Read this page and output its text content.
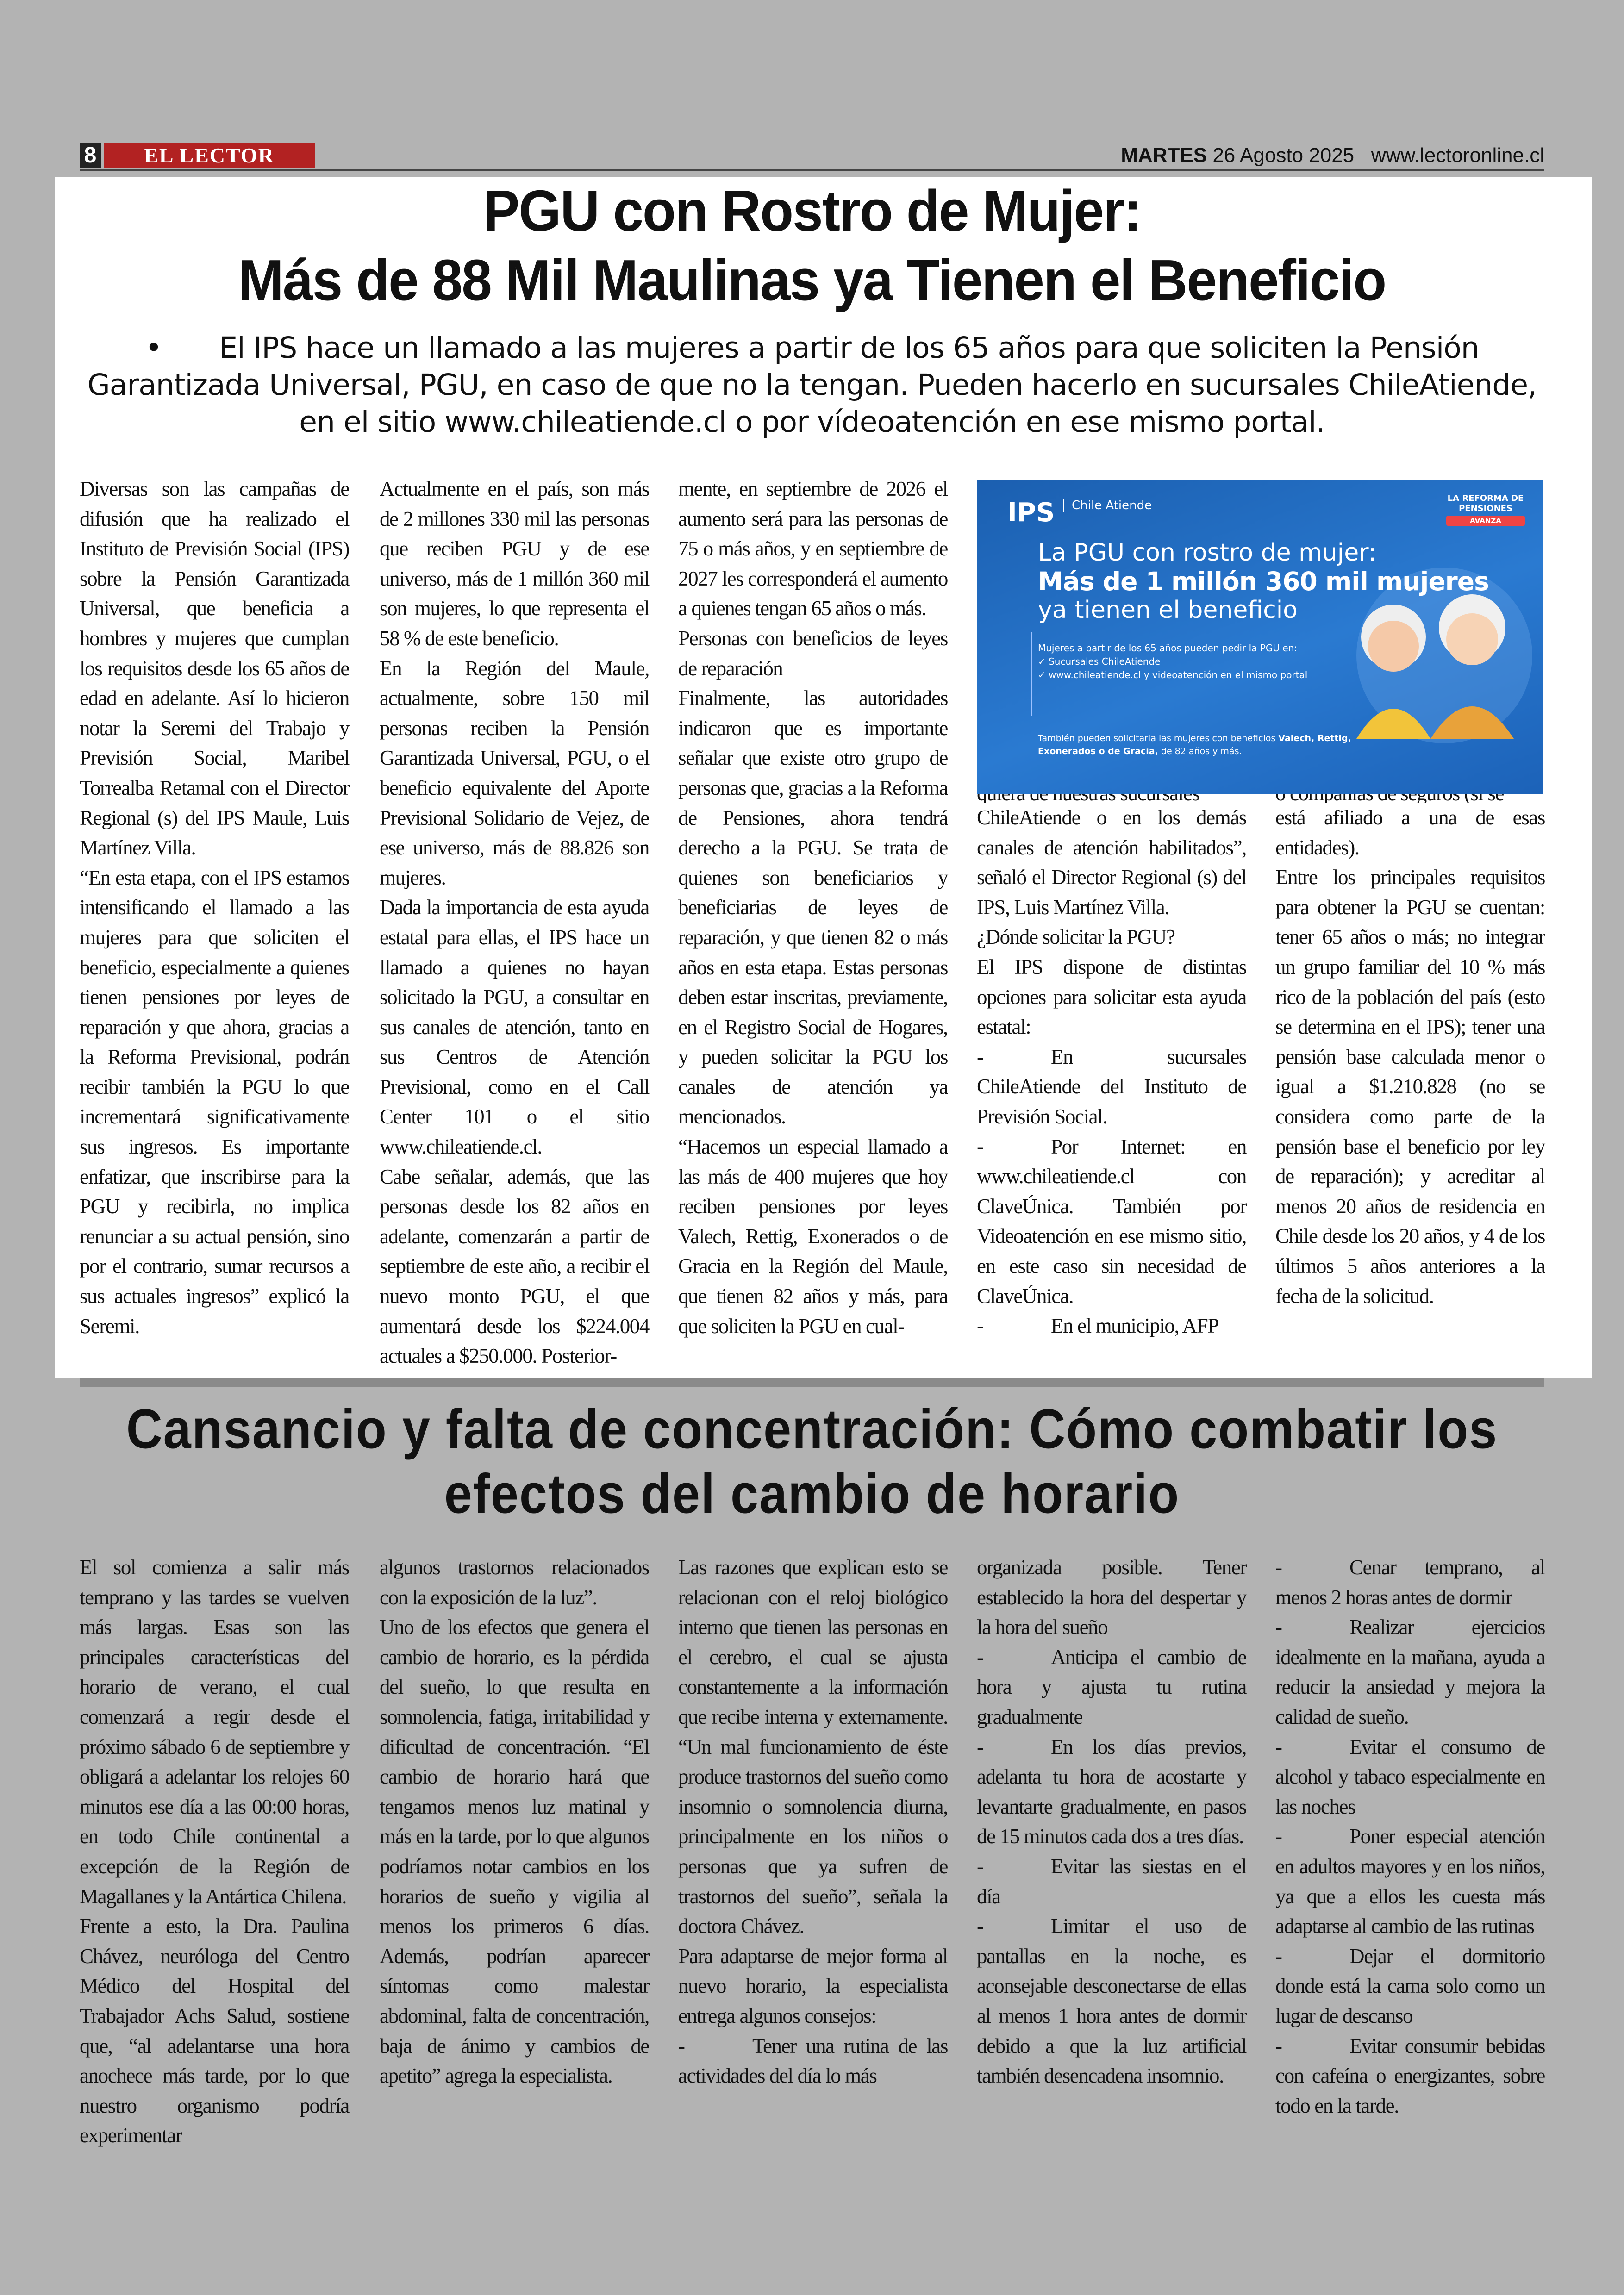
8	EL LECTOR	MARTES 26 Agosto 2025 www.lectoronline.cl
PGU con Rostro de Mujer:
Más de 88 Mil Maulinas ya Tienen el Beneficio
• El IPS hace un llamado a las mujeres a partir de los 65 años para que soliciten la Pensión Garantizada Universal, PGU, en caso de que no la tengan. Pueden hacerlo en sucursales ChileAtiende, en el sitio www.chileatiende.cl o por vídeoatención en ese mismo portal.

Diversas son las campañas de difusión que ha realizado el Instituto de Previsión Social (IPS) sobre la Pensión Garantizada Universal, que beneficia a hombres y mujeres que cumplan los requisitos desde los 65 años de edad en adelante. Así lo hicieron notar la Seremi del Trabajo y Previsión Social, Maribel Torrealba Retamal con el Director Regional (s) del IPS Maule, Luis Martínez Villa.

“En esta etapa, con el IPS estamos intensificando el llamado a las mujeres para que soliciten el beneficio, especialmente a quienes tienen pensiones por leyes de reparación y que ahora, gracias a la Reforma Previsional, podrán recibir también la PGU lo que incrementará significativamente sus ingresos. Es importante enfatizar, que inscribirse para la PGU y recibirla, no implica renunciar a su actual pensión, sino por el contrario, sumar recursos a sus actuales ingresos” explicó la Seremi.

Actualmente en el país, son más de 2 millones 330 mil las personas que reciben PGU y de ese universo, más de 1 millón 360 mil son mujeres, lo que representa el 58 % de este beneficio.

En la Región del Maule, actualmente, sobre 150 mil personas reciben la Pensión Garantizada Universal, PGU, o el beneficio equivalente del Aporte Previsional Solidario de Vejez, de ese universo, más de 88.826 son mujeres.

Dada la importancia de esta ayuda estatal para ellas, el IPS hace un llamado a quienes no hayan solicitado la PGU, a consultar en sus canales de atención, tanto en sus Centros de Atención Previsional, como en el Call Center 101 o el sitio www.chileatiende.cl.

Cabe señalar, además, que las personas desde los 82 años en adelante, comenzarán a partir de septiembre de este año, a recibir el nuevo monto PGU, el que aumentará desde los $224.004 actuales a $250.000. Posterior-

mente, en septiembre de 2026 el aumento será para las personas de 75 o más años, y en septiembre de 2027 les corresponderá el aumento a quienes tengan 65 años o más.

Personas con beneficios de leyes de reparación

Finalmente, las autoridades indicaron que es importante señalar que existe otro grupo de personas que, gracias a la Reforma de Pensiones, ahora tendrá derecho a la PGU. Se trata de quienes son beneficiarios y beneficiarias de leyes de reparación, y que tienen 82 o más años en esta etapa. Estas personas deben estar inscritas, previamente, en el Registro Social de Hogares, y pueden solicitar la PGU los canales de atención ya mencionados.

“Hacemos un especial llamado a las más de 400 mujeres que hoy reciben pensiones por leyes Valech, Rettig, Exonerados o de Gracia en la Región del Maule, que tienen 82 años y más, para que soliciten la PGU en cual-

ChileAtiende o en los demás canales de atención habilitados”, señaló el Director Regional (s) del IPS, Luis Martínez Villa.

¿Dónde solicitar la PGU?

El IPS dispone de distintas opciones para solicitar esta ayuda estatal:

-	En sucursales ChileAtiende del Instituto de Previsión Social.

-	Por Internet: en www.chileatiende.cl con ClaveÚnica. También por Videoatención en ese mismo sitio, en este caso sin necesidad de ClaveÚnica.

-	En el municipio, AFP

está afiliado a una de esas entidades).

Entre los principales requisitos para obtener la PGU se cuentan: tener 65 años o más; no integrar un grupo familiar del 10 % más rico de la población del país (esto se determina en el IPS); tener una pensión base calculada menor o igual a $1.210.828 (no se considera como parte de la pensión base el beneficio por ley de reparación); y acreditar al menos 20 años de residencia en Chile desde los 20 años, y 4 de los últimos 5 años anteriores a la fecha de la solicitud.

IPS	Chile Atiende
LA REFORMA DE PENSIONES
AVANZA
La PGU con rostro de mujer:
Más de 1 millón 360 mil mujeres
ya tienen el beneficio
Mujeres a partir de los 65 años pueden pedir la PGU en:
✓ Sucursales ChileAtiende
✓ www.chileatiende.cl y videoatención en el mismo portal
También pueden solicitarla las mujeres con beneficios Valech, Rettig, Exonerados o de Gracia, de 82 años y más.
Cansancio y falta de concentración: Cómo combatir los
efectos del cambio de horario

El sol comienza a salir más temprano y las tardes se vuelven más largas. Esas son las principales características del horario de verano, el cual comenzará a regir desde el próximo sábado 6 de septiembre y obligará a adelantar los relojes 60 minutos ese día a las 00:00 horas, en todo Chile continental a excepción de la Región de Magallanes y la Antártica Chilena.

Frente a esto, la Dra. Paulina Chávez, neuróloga del Centro Médico del Hospital del Trabajador Achs Salud, sostiene que, “al adelantarse una hora anochece más tarde, por lo que nuestro organismo podría experimentar

algunos trastornos relacionados con la exposición de la luz”.

Uno de los efectos que genera el cambio de horario, es la pérdida del sueño, lo que resulta en somnolencia, fatiga, irritabilidad y dificultad de concentración. “El cambio de horario hará que tengamos menos luz matinal y más en la tarde, por lo que algunos podríamos notar cambios en los horarios de sueño y vigilia al menos los primeros 6 días. Además, podrían aparecer síntomas como malestar abdominal, falta de concentración, baja de ánimo y cambios de apetito” agrega la especialista.

Las razones que explican esto se relacionan con el reloj biológico interno que tienen las personas en el cerebro, el cual se ajusta constantemente a la información que recibe interna y externamente. “Un mal funcionamiento de éste produce trastornos del sueño como insomnio o somnolencia diurna, principalmente en los niños o personas que ya sufren de trastornos del sueño”, señala la doctora Chávez.

Para adaptarse de mejor forma al nuevo horario, la especialista entrega algunos consejos:

-	Tener una rutina de las actividades del día lo más

organizada posible. Tener establecido la hora del despertar y la hora del sueño

-	Anticipa el cambio de hora y ajusta tu rutina gradualmente

-	En los días previos, adelanta tu hora de acostarte y levantarte gradualmente, en pasos de 15 minutos cada dos a tres días.

-	Evitar las siestas en el día

-	Limitar el uso de pantallas en la noche, es aconsejable desconectarse de ellas al menos 1 hora antes de dormir debido a que la luz artificial también desencadena insomnio.

-	Cenar temprano, al menos 2 horas antes de dormir

-	Realizar ejercicios idealmente en la mañana, ayuda a reducir la ansiedad y mejora la calidad de sueño.

-	Evitar el consumo de alcohol y tabaco especialmente en las noches

-	Poner especial atención en adultos mayores y en los niños, ya que a ellos les cuesta más adaptarse al cambio de las rutinas

-	Dejar el dormitorio donde está la cama solo como un lugar de descanso

-	Evitar consumir bebidas con cafeína o energizantes, sobre todo en la tarde.
